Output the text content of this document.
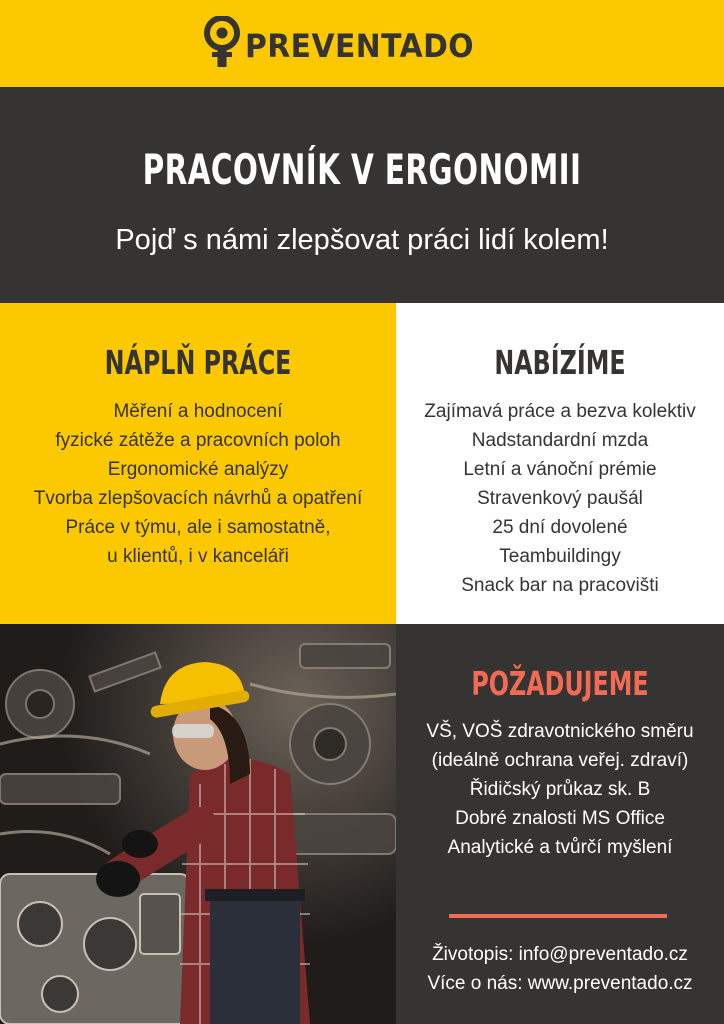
PREVENTADO
PRACOVNÍK V ERGONOMII
Pojď s námi zlepšovat práci lidí kolem!
NÁPLŇ PRÁCE
Měření a hodnocení
fyzické zátěže a pracovních poloh
Ergonomické analýzy
Tvorba zlepšovacích návrhů a opatření
Práce v týmu, ale i samostatně,
u klientů, i v kanceláři
NABÍZÍME
Zajímavá práce a bezva kolektiv
Nadstandardní mzda
Letní a vánoční prémie
Stravenkový paušál
25 dní dovolené
Teambuildingy
Snack bar na pracovišti
POŽADUJEME
VŠ, VOŠ zdravotnického směru
(ideálně ochrana veřej. zdraví)
Řidičský průkaz sk. B
Dobré znalosti MS Office
Analytické a tvůrčí myšlení
Životopis: info@preventado.cz
Více o nás: www.preventado.cz
